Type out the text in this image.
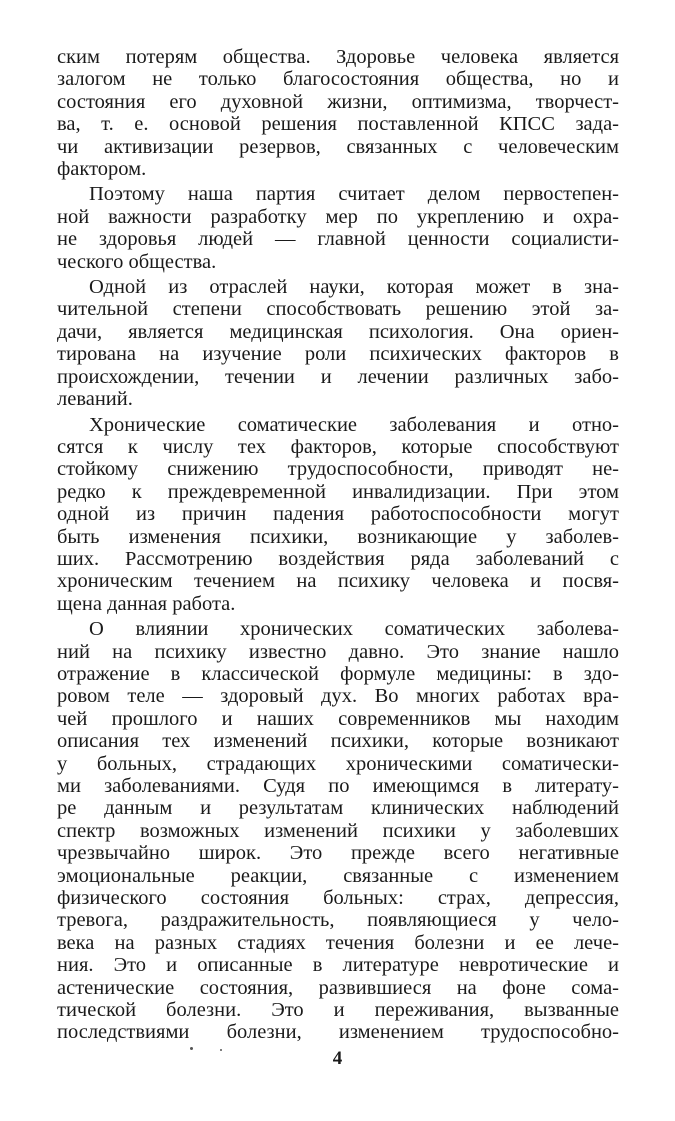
ским потерям общества. Здоровье человека является
залогом не только благосостояния общества, но и
состояния его духовной жизни, оптимизма, творчест-
ва, т. е. основой решения поставленной КПСС зада-
чи активизации резервов, связанных с человеческим
фактором.

Поэтому наша партия считает делом первостепен-
ной важности разработку мер по укреплению и охра-
не здоровья людей — главной ценности социалисти-
ческого общества.

Одной из отраслей науки, которая может в зна-
чительной степени способствовать решению этой за-
дачи, является медицинская психология. Она ориен-
тирована на изучение роли психических факторов в
происхождении, течении и лечении различных забо-
леваний.

Хронические соматические заболевания и отно-
сятся к числу тех факторов, которые способствуют
стойкому снижению трудоспособности, приводят не-
редко к преждевременной инвалидизации. При этом
одной из причин падения работоспособности могут
быть изменения психики, возникающие у заболев-
ших. Рассмотрению воздействия ряда заболеваний с
хроническим течением на психику человека и посвя-
щена данная работа.

О влиянии хронических соматических заболева-
ний на психику известно давно. Это знание нашло
отражение в классической формуле медицины: в здо-
ровом теле — здоровый дух. Во многих работах вра-
чей прошлого и наших современников мы находим
описания тех изменений психики, которые возникают
у больных, страдающих хроническими соматически-
ми заболеваниями. Судя по имеющимся в литерату-
ре данным и результатам клинических наблюдений
спектр возможных изменений психики у заболевших
чрезвычайно широк. Это прежде всего негативные
эмоциональные реакции, связанные с изменением
физического состояния больных: страх, депрессия,
тревога, раздражительность, появляющиеся у чело-
века на разных стадиях течения болезни и ее лече-
ния. Это и описанные в литературе невротические и
астенические состояния, развившиеся на фоне сома-
тической болезни. Это и переживания, вызванные
последствиями болезни, изменением трудоспособно-

4
